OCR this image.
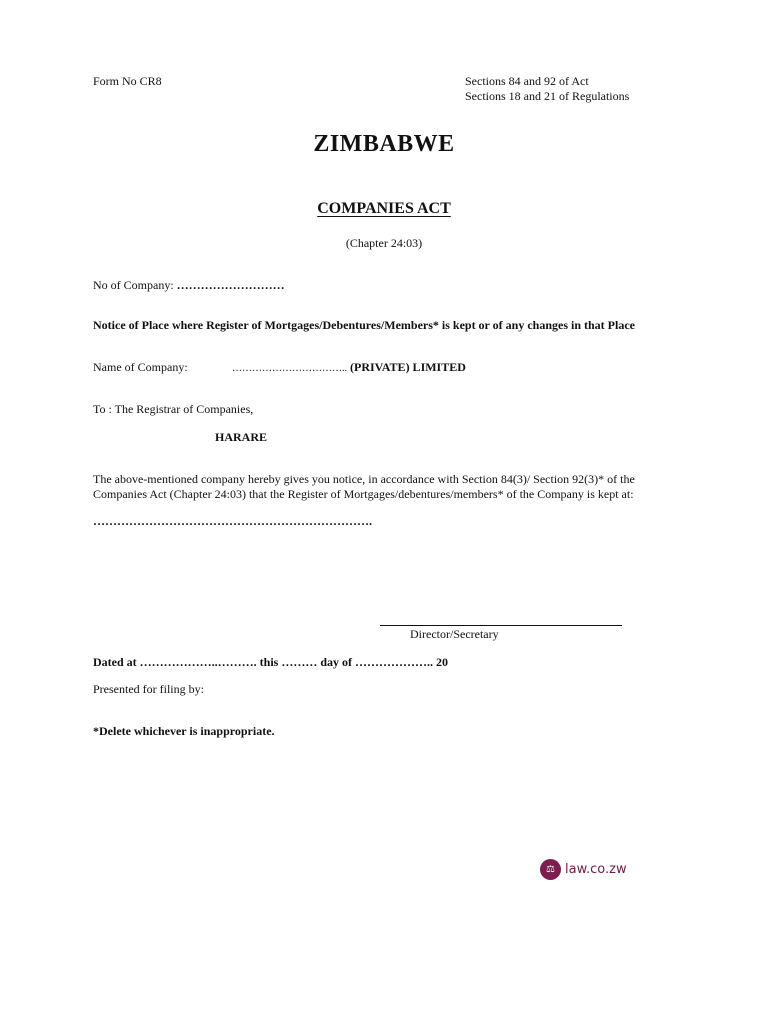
Form No CR8	Sections 84 and 92 of Act
Sections 18 and 21 of Regulations
ZIMBABWE
COMPANIES ACT
(Chapter 24:03)
No of Company: ………………………
Notice of Place where Register of Mortgages/Debentures/Members* is kept or of any changes in that Place
Name of Company:	…………………………….. (PRIVATE) LIMITED
To : The Registrar of Companies,
HARARE
The above-mentioned company hereby gives you notice, in accordance with Section 84(3)/ Section 92(3)* of the Companies Act (Chapter 24:03) that the Register of Mortgages/debentures/members* of the Company is kept at:
…………………………………………………………….
Director/Secretary
Dated at ………………..………. this ……… day of ……………….. 20
Presented for filing by:
*Delete whichever is inappropriate.
⚖ law.co.zw
